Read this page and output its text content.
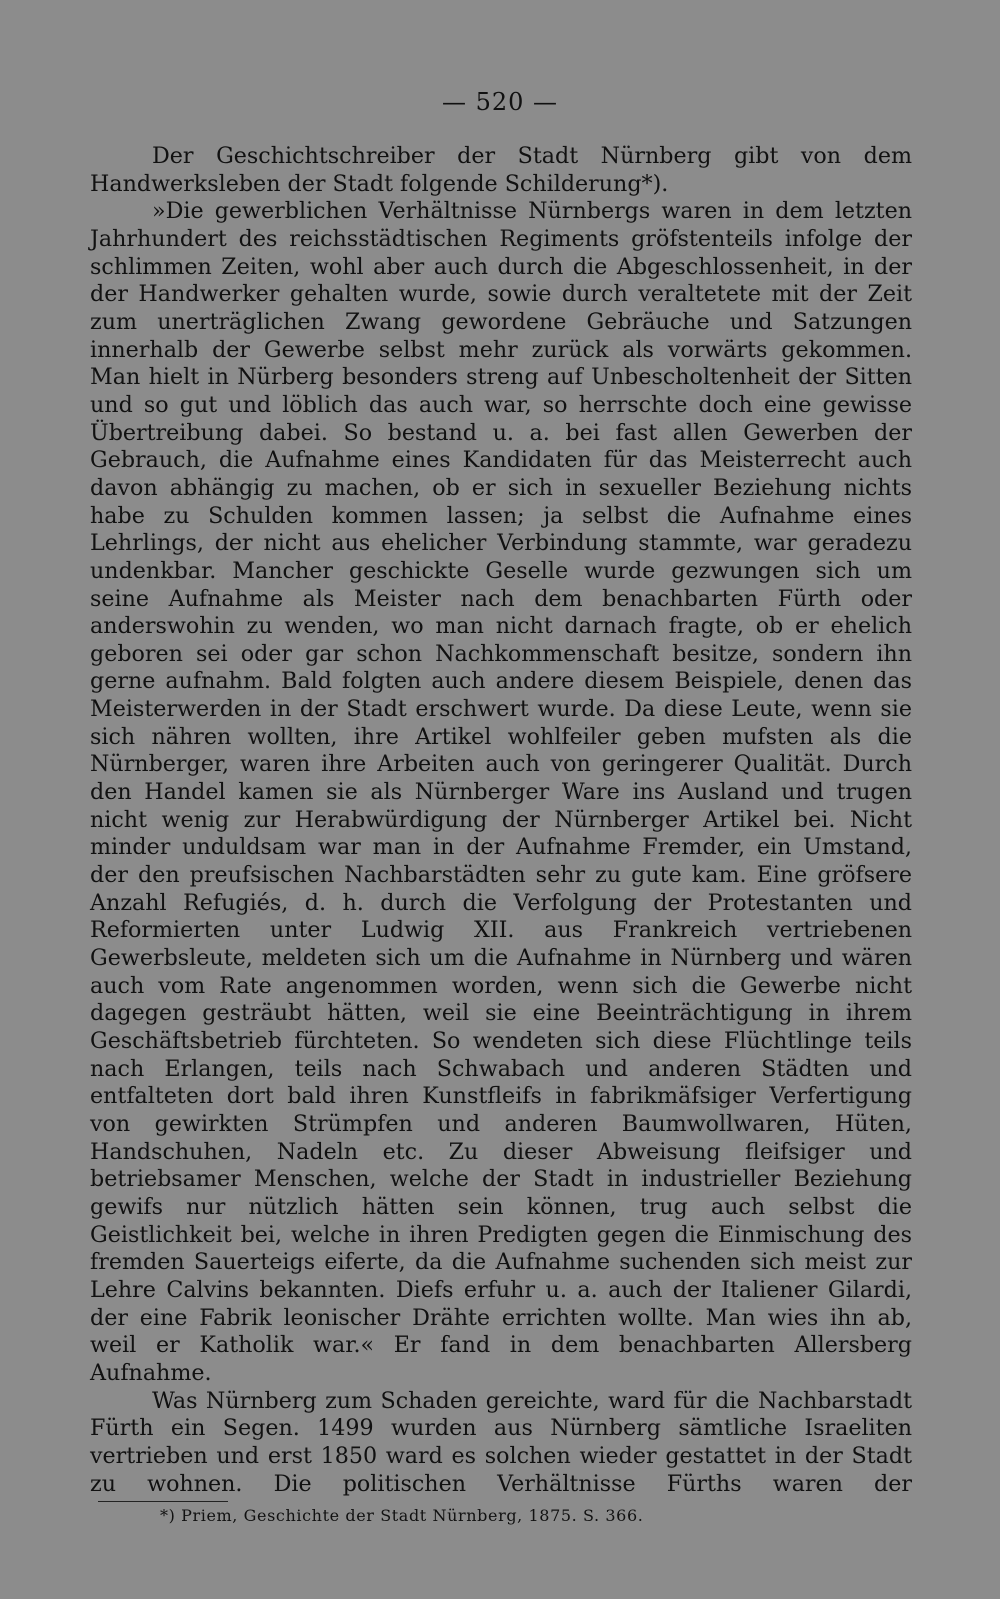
— 520 —

Der Geschichtschreiber der Stadt Nürnberg gibt von dem Handwerksleben der Stadt folgende Schilderung*).

»Die gewerblichen Verhältnisse Nürnbergs waren in dem letzten Jahrhundert des reichsstädtischen Regiments gröfstenteils infolge der schlimmen Zeiten, wohl aber auch durch die Abgeschlossenheit, in der der Handwerker gehalten wurde, sowie durch veraltetete mit der Zeit zum unerträglichen Zwang gewordene Gebräuche und Satzungen innerhalb der Gewerbe selbst mehr zurück als vorwärts gekommen. Man hielt in Nürberg besonders streng auf Unbescholtenheit der Sitten und so gut und löblich das auch war, so herrschte doch eine gewisse Übertreibung dabei. So bestand u. a. bei fast allen Gewerben der Gebrauch, die Aufnahme eines Kandidaten für das Meisterrecht auch davon abhängig zu machen, ob er sich in sexueller Beziehung nichts habe zu Schulden kommen lassen; ja selbst die Aufnahme eines Lehrlings, der nicht aus ehelicher Verbindung stammte, war geradezu undenkbar. Mancher geschickte Geselle wurde gezwungen sich um seine Aufnahme als Meister nach dem benachbarten Fürth oder anderswohin zu wenden, wo man nicht darnach fragte, ob er ehelich geboren sei oder gar schon Nachkommenschaft besitze, sondern ihn gerne aufnahm. Bald folgten auch andere diesem Beispiele, denen das Meisterwerden in der Stadt erschwert wurde. Da diese Leute, wenn sie sich nähren wollten, ihre Artikel wohlfeiler geben mufsten als die Nürnberger, waren ihre Arbeiten auch von geringerer Qualität. Durch den Handel kamen sie als Nürnberger Ware ins Ausland und trugen nicht wenig zur Herabwürdigung der Nürnberger Artikel bei. Nicht minder unduldsam war man in der Aufnahme Fremder, ein Umstand, der den preufsischen Nachbarstädten sehr zu gute kam. Eine gröfsere Anzahl Refugiés, d. h. durch die Verfolgung der Protestanten und Reformierten unter Ludwig XII. aus Frankreich vertriebenen Gewerbsleute, meldeten sich um die Aufnahme in Nürnberg und wären auch vom Rate angenommen worden, wenn sich die Gewerbe nicht dagegen gesträubt hätten, weil sie eine Beeinträchtigung in ihrem Geschäftsbetrieb fürchteten. So wendeten sich diese Flüchtlinge teils nach Erlangen, teils nach Schwabach und anderen Städten und entfalteten dort bald ihren Kunstfleifs in fabrikmäfsiger Verfertigung von gewirkten Strümpfen und anderen Baumwollwaren, Hüten, Handschuhen, Nadeln etc. Zu dieser Abweisung fleifsiger und betriebsamer Menschen, welche der Stadt in industrieller Beziehung gewifs nur nützlich hätten sein können, trug auch selbst die Geistlichkeit bei, welche in ihren Predigten gegen die Einmischung des fremden Sauerteigs eiferte, da die Aufnahme suchenden sich meist zur Lehre Calvins bekannten. Diefs erfuhr u. a. auch der Italiener Gilardi, der eine Fabrik leonischer Drähte errichten wollte. Man wies ihn ab, weil er Katholik war.« Er fand in dem benachbarten Allersberg Aufnahme.

Was Nürnberg zum Schaden gereichte, ward für die Nachbarstadt Fürth ein Segen. 1499 wurden aus Nürnberg sämtliche Israeliten vertrieben und erst 1850 ward es solchen wieder gestattet in der Stadt zu wohnen. Die politischen Verhältnisse Fürths waren der

*) Priem, Geschichte der Stadt Nürnberg, 1875. S. 366.
